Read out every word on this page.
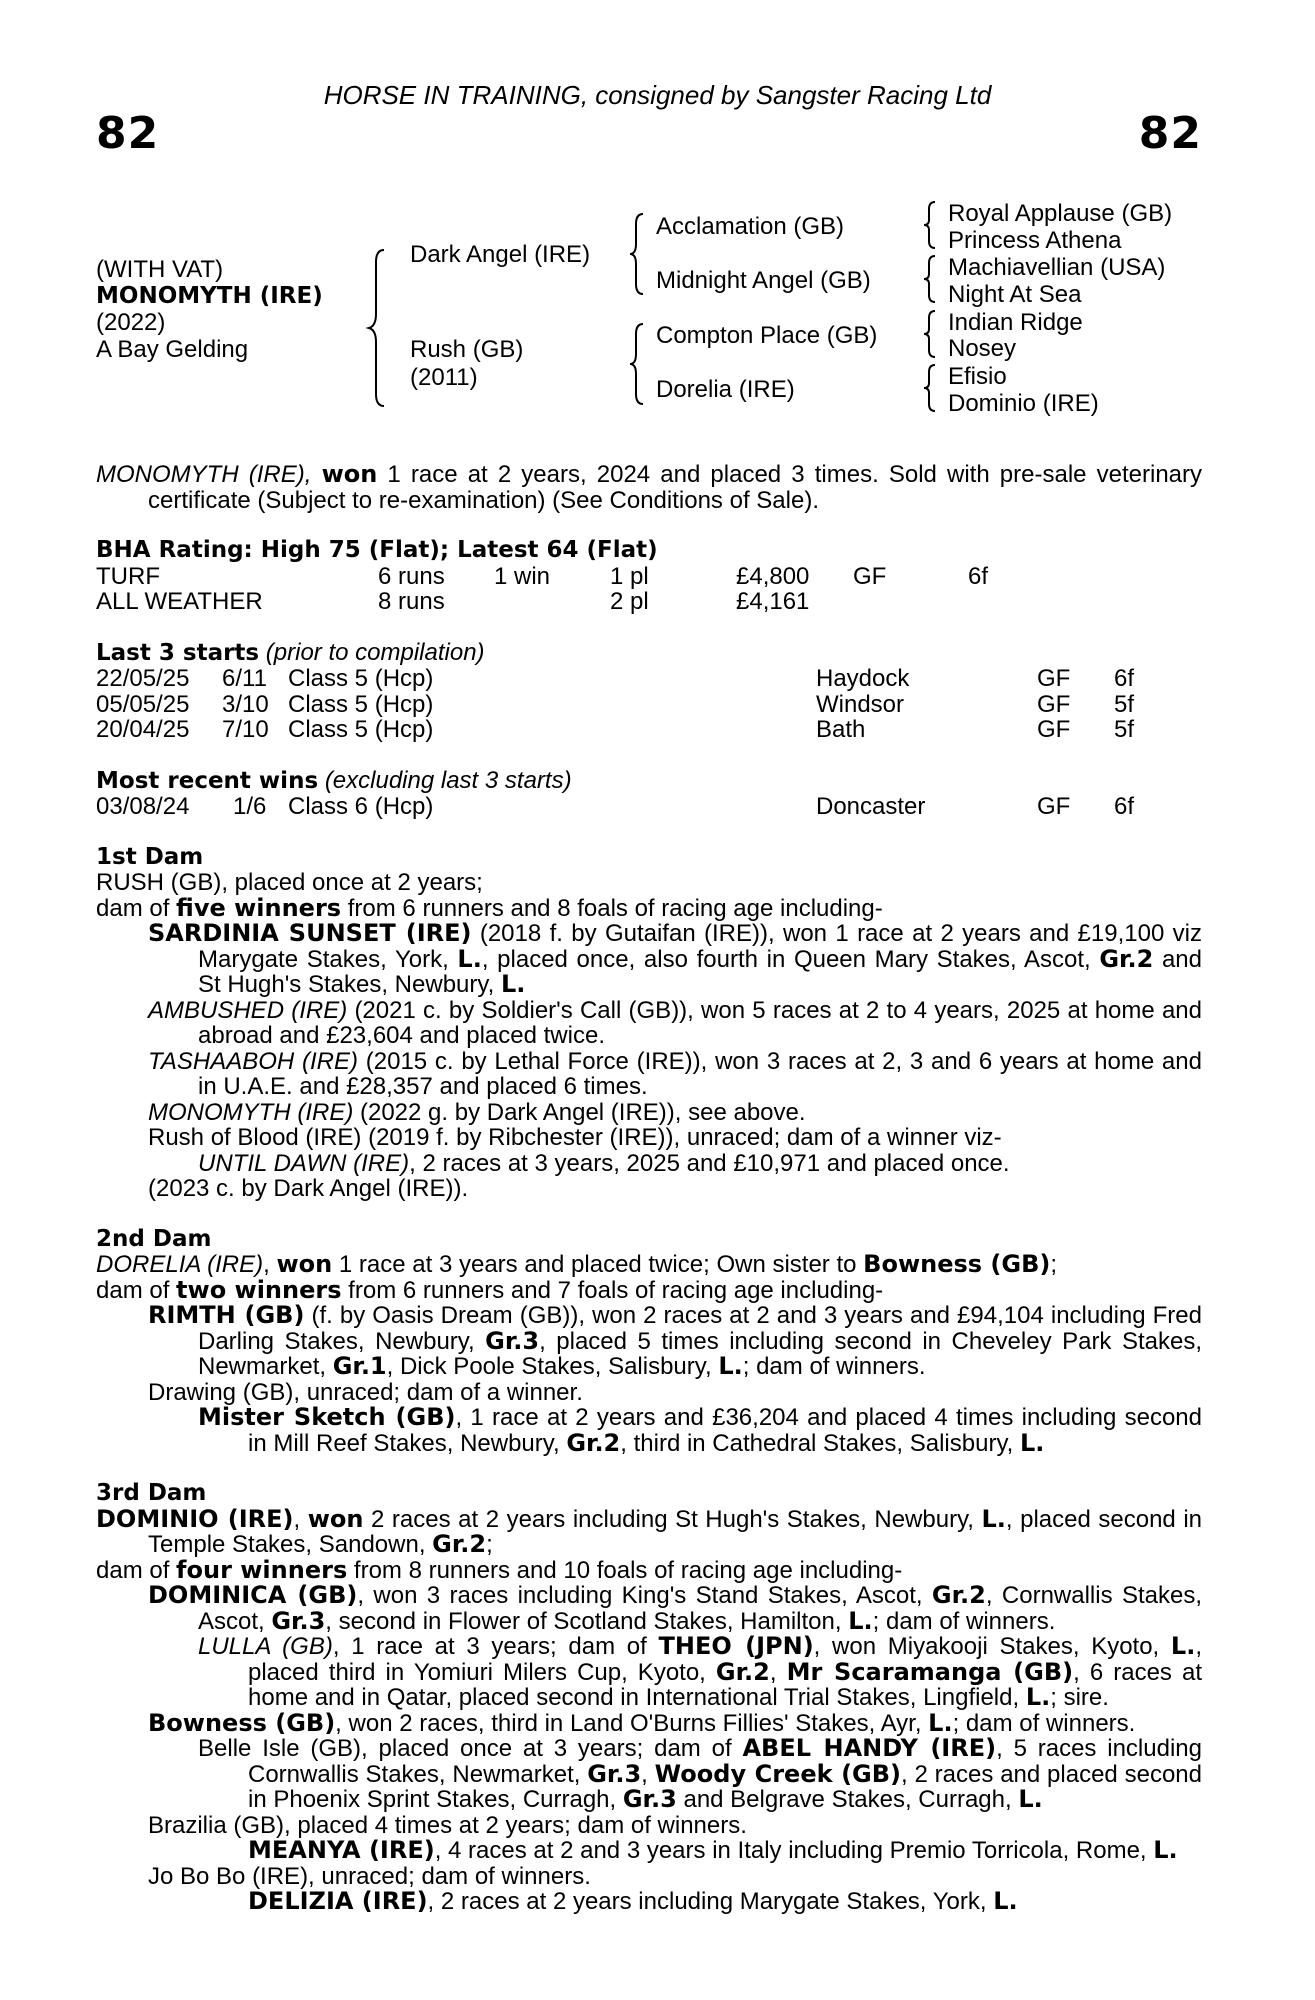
HORSE IN TRAINING, consigned by Sangster Racing Ltd
82	82
(WITH VAT)
MONOMYTH (IRE)
(2022)
A Bay Gelding
Dark Angel (IRE)
Rush (GB)
(2011)
Acclamation (GB)
Midnight Angel (GB)
Compton Place (GB)
Dorelia (IRE)
Royal Applause (GB)
Princess Athena
Machiavellian (USA)
Night At Sea
Indian Ridge
Nosey
Efisio
Dominio (IRE)

MONOMYTH (IRE), won 1 race at 2 years, 2024 and placed 3 times. Sold with pre-sale veterinary certificate (Subject to re-examination) (See Conditions of Sale).

BHA Rating: High 75 (Flat); Latest 64 (Flat)
TURF	6 runs 1 win 1 pl	£4,800 GF	6f
ALL WEATHER	8 runs	2 pl	£4,161
Last 3 starts (prior to compilation)
22/05/25 6/11 Class 5 (Hcp)	Haydock	GF 6f
05/05/25 3/10 Class 5 (Hcp)	Windsor	GF 5f
20/04/25 7/10 Class 5 (Hcp)	Bath	GF 5f
Most recent wins (excluding last 3 starts)
03/08/24 1/6 Class 6 (Hcp)	Doncaster	GF 6f
1st Dam

RUSH (GB), placed once at 2 years;

dam of five winners from 6 runners and 8 foals of racing age including-

SARDINIA SUNSET (IRE) (2018 f. by Gutaifan (IRE)), won 1 race at 2 years and £19,100 viz Marygate Stakes, York, L., placed once, also fourth in Queen Mary Stakes, Ascot, Gr.2 and St Hugh's Stakes, Newbury, L.

AMBUSHED (IRE) (2021 c. by Soldier's Call (GB)), won 5 races at 2 to 4 years, 2025 at home and abroad and £23,604 and placed twice.

TASHAABOH (IRE) (2015 c. by Lethal Force (IRE)), won 3 races at 2, 3 and 6 years at home and in U.A.E. and £28,357 and placed 6 times.

MONOMYTH (IRE) (2022 g. by Dark Angel (IRE)), see above.

Rush of Blood (IRE) (2019 f. by Ribchester (IRE)), unraced; dam of a winner viz-

UNTIL DAWN (IRE), 2 races at 3 years, 2025 and £10,971 and placed once.

(2023 c. by Dark Angel (IRE)).

2nd Dam

DORELIA (IRE), won 1 race at 3 years and placed twice; Own sister to Bowness (GB);

dam of two winners from 6 runners and 7 foals of racing age including-

RIMTH (GB) (f. by Oasis Dream (GB)), won 2 races at 2 and 3 years and £94,104 including Fred Darling Stakes, Newbury, Gr.3, placed 5 times including second in Cheveley Park Stakes, Newmarket, Gr.1, Dick Poole Stakes, Salisbury, L.; dam of winners.

Drawing (GB), unraced; dam of a winner.

Mister Sketch (GB), 1 race at 2 years and £36,204 and placed 4 times including second in Mill Reef Stakes, Newbury, Gr.2, third in Cathedral Stakes, Salisbury, L.

3rd Dam

DOMINIO (IRE), won 2 races at 2 years including St Hugh's Stakes, Newbury, L., placed second in Temple Stakes, Sandown, Gr.2;

dam of four winners from 8 runners and 10 foals of racing age including-

DOMINICA (GB), won 3 races including King's Stand Stakes, Ascot, Gr.2, Cornwallis Stakes, Ascot, Gr.3, second in Flower of Scotland Stakes, Hamilton, L.; dam of winners.

LULLA (GB), 1 race at 3 years; dam of THEO (JPN), won Miyakooji Stakes, Kyoto, L., placed third in Yomiuri Milers Cup, Kyoto, Gr.2, Mr Scaramanga (GB), 6 races at home and in Qatar, placed second in International Trial Stakes, Lingfield, L.; sire.

Bowness (GB), won 2 races, third in Land O'Burns Fillies' Stakes, Ayr, L.; dam of winners.

Belle Isle (GB), placed once at 3 years; dam of ABEL HANDY (IRE), 5 races including Cornwallis Stakes, Newmarket, Gr.3, Woody Creek (GB), 2 races and placed second in Phoenix Sprint Stakes, Curragh, Gr.3 and Belgrave Stakes, Curragh, L.

Brazilia (GB), placed 4 times at 2 years; dam of winners.

MEANYA (IRE), 4 races at 2 and 3 years in Italy including Premio Torricola, Rome, L.

Jo Bo Bo (IRE), unraced; dam of winners.

DELIZIA (IRE), 2 races at 2 years including Marygate Stakes, York, L.
